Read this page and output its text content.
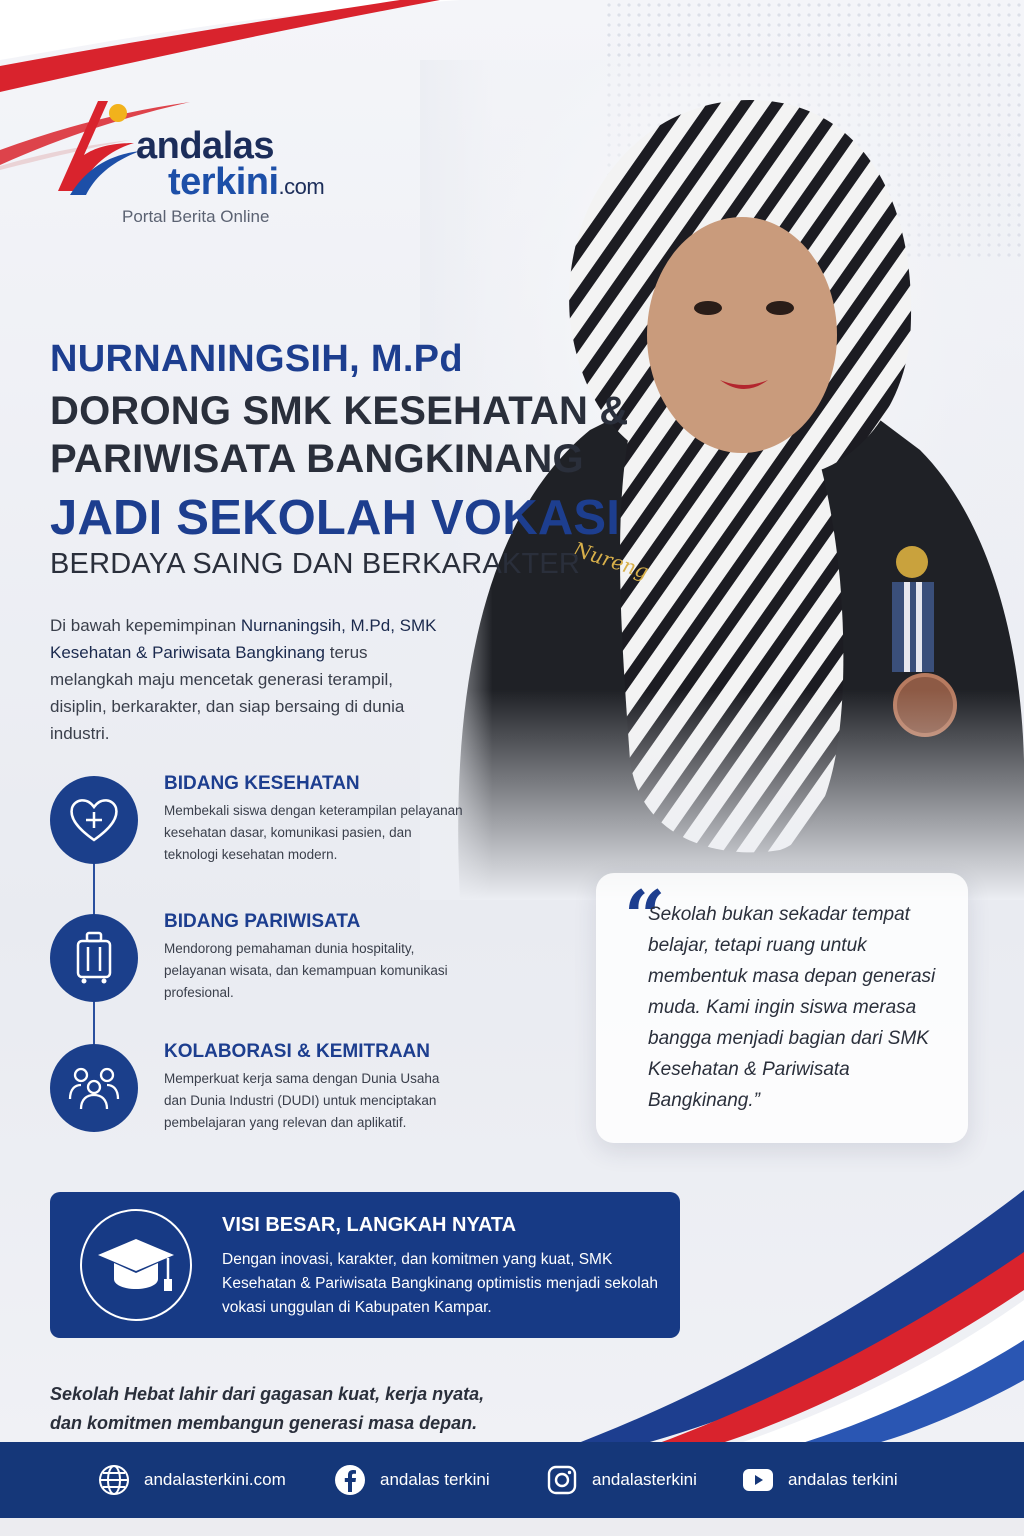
andalas
terkini.com
Portal Berita Online
NURNANINGSIH, M.Pd
DORONG SMK KESEHATAN &
PARIWISATA BANGKINANG
JADI SEKOLAH VOKASI
BERDAYA SAING DAN BERKARAKTER
Di bawah kepemimpinan Nurnaningsih, M.Pd, SMK Kesehatan & Pariwisata Bangkinang terus melangkah maju mencetak generasi terampil, disiplin, berkarakter, dan siap bersaing di dunia industri.
BIDANG KESEHATAN
Membekali siswa dengan keterampilan pelayanan kesehatan dasar, komunikasi pasien, dan teknologi kesehatan modern.
BIDANG PARIWISATA
Mendorong pemahaman dunia hospitality, pelayanan wisata, dan kemampuan komunikasi profesional.
KOLABORASI & KEMITRAAN
Memperkuat kerja sama dengan Dunia Usaha dan Dunia Industri (DUDI) untuk menciptakan pembelajaran yang relevan dan aplikatif.
“
Sekolah bukan sekadar tempat belajar, tetapi ruang untuk membentuk masa depan generasi muda. Kami ingin siswa merasa bangga menjadi bagian dari SMK Kesehatan & Pariwisata Bangkinang.”
VISI BESAR, LANGKAH NYATA
Dengan inovasi, karakter, dan komitmen yang kuat, SMK Kesehatan & Pariwisata Bangkinang optimistis menjadi sekolah vokasi unggulan di Kabupaten Kampar.
Sekolah Hebat lahir dari gagasan kuat, kerja nyata,
dan komitmen membangun generasi masa depan.
andalasterkini.com	andalas terkini	andalasterkini	andalas terkini
